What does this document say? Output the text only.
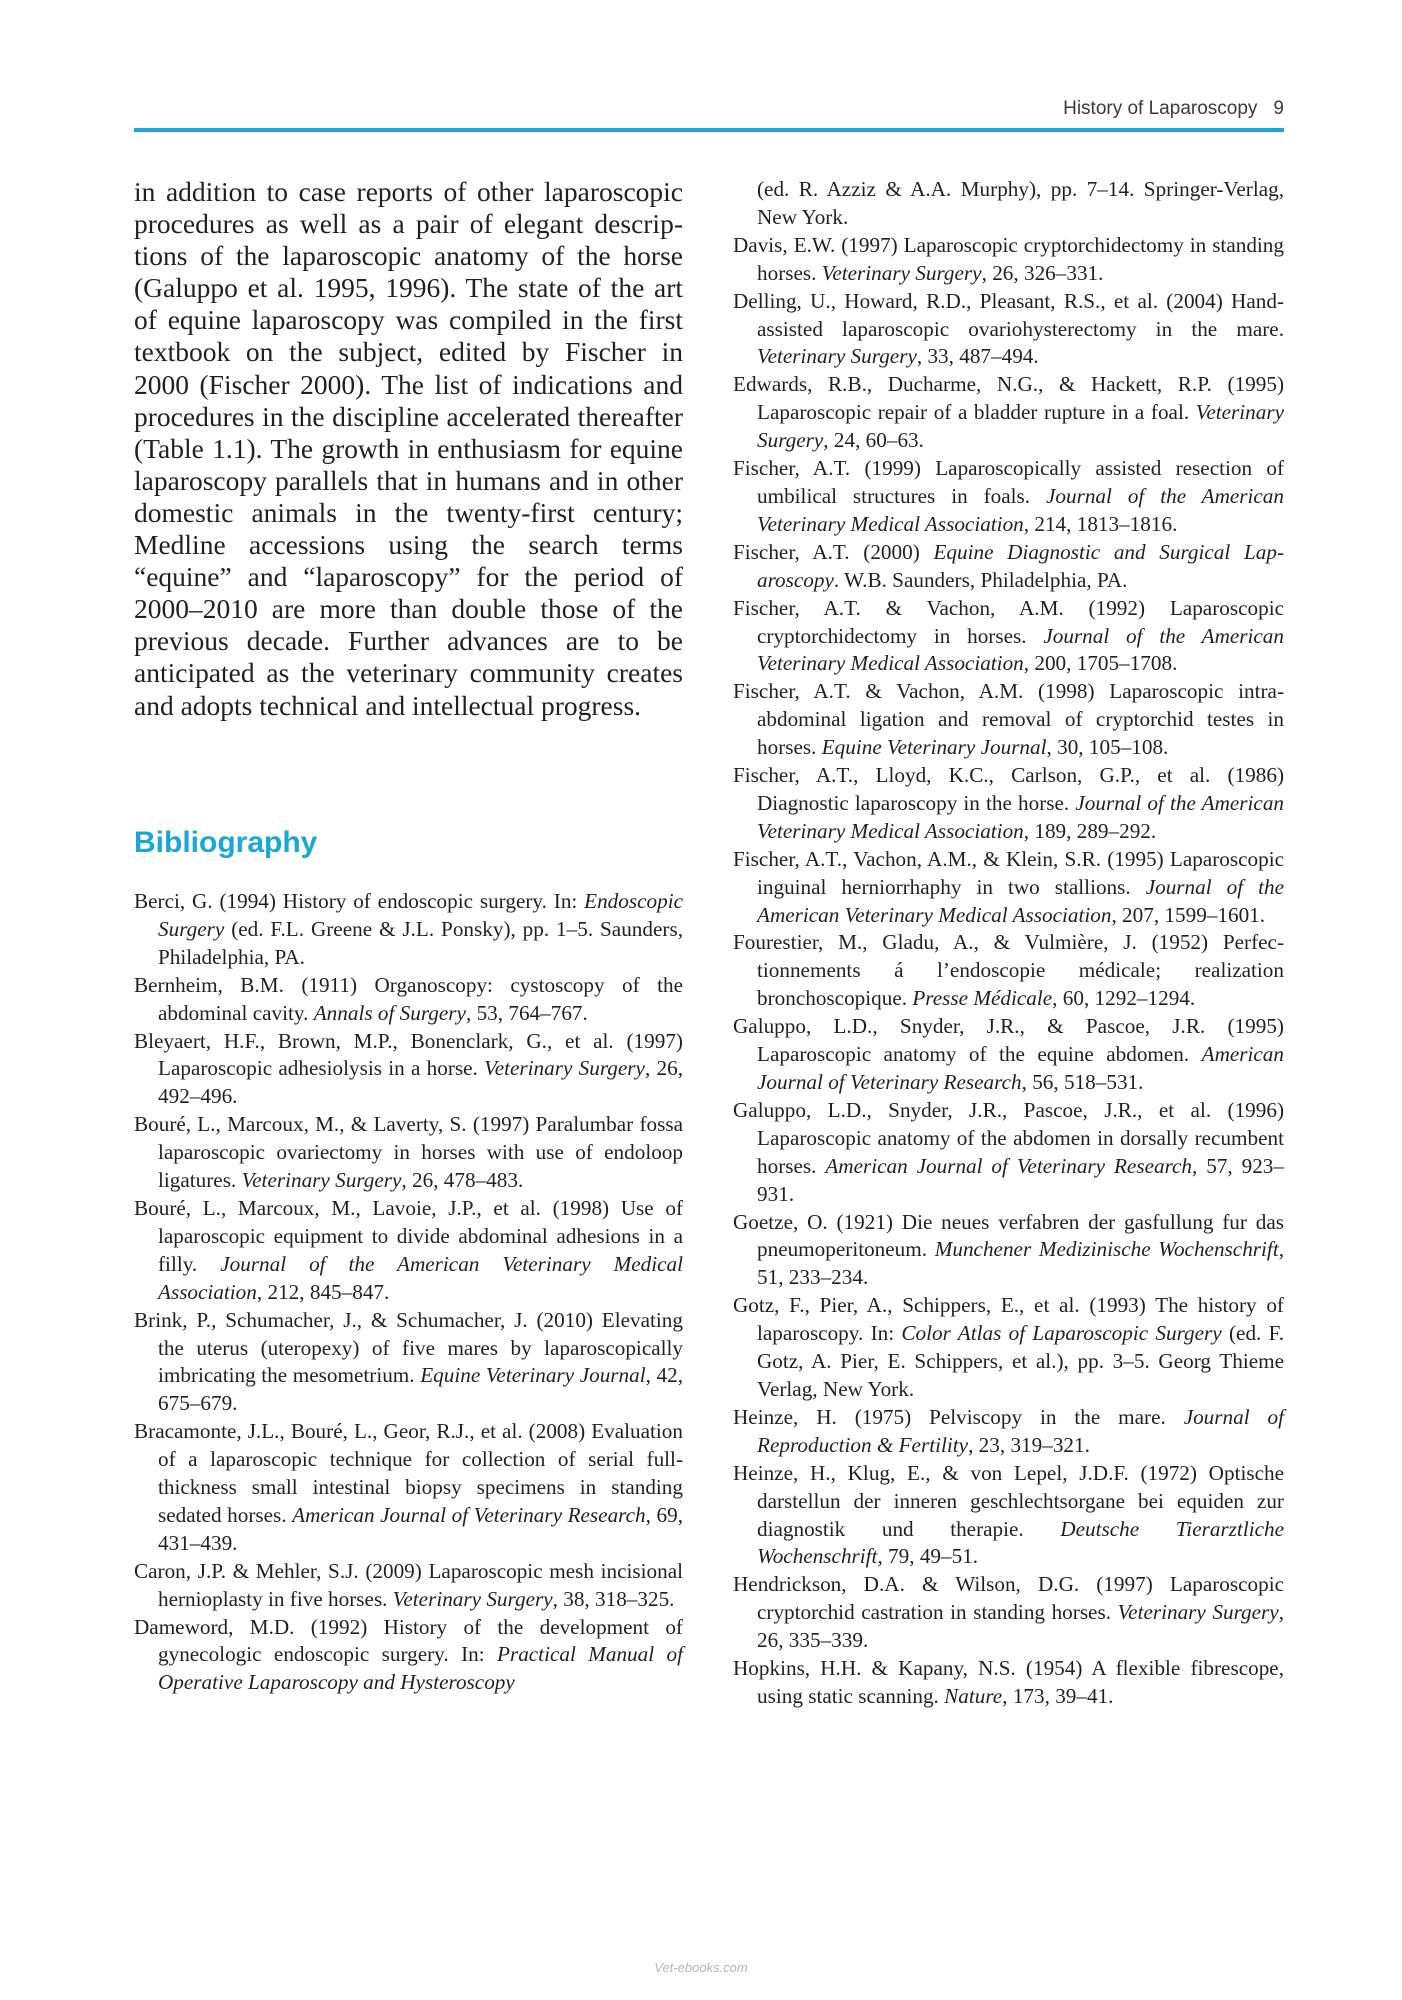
History of Laparoscopy 9

in addition to case reports of other laparoscopic procedures as well as a pair of elegant descriptions of the laparoscopic anatomy of the horse (Galuppo et al. 1995, 1996). The state of the art of equine laparoscopy was compiled in the first textbook on the subject, edited by Fischer in 2000 (Fischer 2000). The list of indications and procedures in the discipline accelerated thereafter (Table 1.1). The growth in enthusiasm for equine laparoscopy parallels that in humans and in other domestic animals in the twenty-first century; Medline accessions using the search terms “equine” and “laparoscopy” for the period of 2000–2010 are more than double those of the previous decade. Further advances are to be anticipated as the veterinary community creates and adopts technical and intellectual progress.

Bibliography
Berci, G. (1994) History of endoscopic surgery. In: Endoscopic Surgery (ed. F.L. Greene & J.L. Ponsky), pp. 1–5. Saunders, Philadelphia, PA.
Bernheim, B.M. (1911) Organoscopy: cystoscopy of the abdominal cavity. Annals of Surgery, 53, 764–767.
Bleyaert, H.F., Brown, M.P., Bonenclark, G., et al. (1997) Laparoscopic adhesiolysis in a horse. Veterinary Surgery, 26, 492–496.
Bouré, L., Marcoux, M., & Laverty, S. (1997) Paralumbar fossa laparoscopic ovariectomy in horses with use of endoloop ligatures. Veterinary Surgery, 26, 478–483.
Bouré, L., Marcoux, M., Lavoie, J.P., et al. (1998) Use of laparoscopic equipment to divide abdominal adhesions in a filly. Journal of the American Veterinary Medical Association, 212, 845–847.
Brink, P., Schumacher, J., & Schumacher, J. (2010) Elevating the uterus (uteropexy) of five mares by laparoscopically imbricating the mesometrium. Equine Veterinary Journal, 42, 675–679.
Bracamonte, J.L., Bouré, L., Geor, R.J., et al. (2008) Evaluation of a laparoscopic technique for collection of serial full-thickness small intestinal biopsy specimens in standing sedated horses. American Journal of Veterinary Research, 69, 431–439.
Caron, J.P. & Mehler, S.J. (2009) Laparoscopic mesh incisional hernioplasty in five horses. Veterinary Surgery, 38, 318–325.
Dameword, M.D. (1992) History of the development of gynecologic endoscopic surgery. In: Practical Manual of Operative Laparoscopy and Hysteroscopy
(ed. R. Azziz & A.A. Murphy), pp. 7–14. Springer-Verlag, New York.
Davis, E.W. (1997) Laparoscopic cryptorchidectomy in standing horses. Veterinary Surgery, 26, 326–331.
Delling, U., Howard, R.D., Pleasant, R.S., et al. (2004) Hand-assisted laparoscopic ovariohysterectomy in the mare. Veterinary Surgery, 33, 487–494.
Edwards, R.B., Ducharme, N.G., & Hackett, R.P. (1995) Laparoscopic repair of a bladder rupture in a foal. Veterinary Surgery, 24, 60–63.
Fischer, A.T. (1999) Laparoscopically assisted resection of umbilical structures in foals. Journal of the American Veterinary Medical Association, 214, 1813–1816.
Fischer, A.T. (2000) Equine Diagnostic and Surgical Laparoscopy. W.B. Saunders, Philadelphia, PA.
Fischer, A.T. & Vachon, A.M. (1992) Laparoscopic cryptorchidectomy in horses. Journal of the American Veterinary Medical Association, 200, 1705–1708.
Fischer, A.T. & Vachon, A.M. (1998) Laparoscopic intra-abdominal ligation and removal of cryptorchid testes in horses. Equine Veterinary Journal, 30, 105–108.
Fischer, A.T., Lloyd, K.C., Carlson, G.P., et al. (1986) Diagnostic laparoscopy in the horse. Journal of the American Veterinary Medical Association, 189, 289–292.
Fischer, A.T., Vachon, A.M., & Klein, S.R. (1995) Laparoscopic inguinal herniorrhaphy in two stallions. Journal of the American Veterinary Medical Association, 207, 1599–1601.
Fourestier, M., Gladu, A., & Vulmière, J. (1952) Perfectionnements á l’endoscopie médicale; realization bronchoscopique. Presse Médicale, 60, 1292–1294.
Galuppo, L.D., Snyder, J.R., & Pascoe, J.R. (1995) Laparoscopic anatomy of the equine abdomen. American Journal of Veterinary Research, 56, 518–531.
Galuppo, L.D., Snyder, J.R., Pascoe, J.R., et al. (1996) Laparoscopic anatomy of the abdomen in dorsally recumbent horses. American Journal of Veterinary Research, 57, 923–931.
Goetze, O. (1921) Die neues verfabren der gasfullung fur das pneumoperitoneum. Munchener Medizinische Wochenschrift, 51, 233–234.
Gotz, F., Pier, A., Schippers, E., et al. (1993) The history of laparoscopy. In: Color Atlas of Laparoscopic Surgery (ed. F. Gotz, A. Pier, E. Schippers, et al.), pp. 3–5. Georg Thieme Verlag, New York.
Heinze, H. (1975) Pelviscopy in the mare. Journal of Reproduction & Fertility, 23, 319–321.
Heinze, H., Klug, E., & von Lepel, J.D.F. (1972) Optische darstellun der inneren geschlechtsorgane bei equiden zur diagnostik und therapie. Deutsche Tierarztliche Wochenschrift, 79, 49–51.
Hendrickson, D.A. & Wilson, D.G. (1997) Laparoscopic cryptorchid castration in standing horses. Veterinary Surgery, 26, 335–339.
Hopkins, H.H. & Kapany, N.S. (1954) A flexible fibrescope, using static scanning. Nature, 173, 39–41.
Vet-ebooks.com
